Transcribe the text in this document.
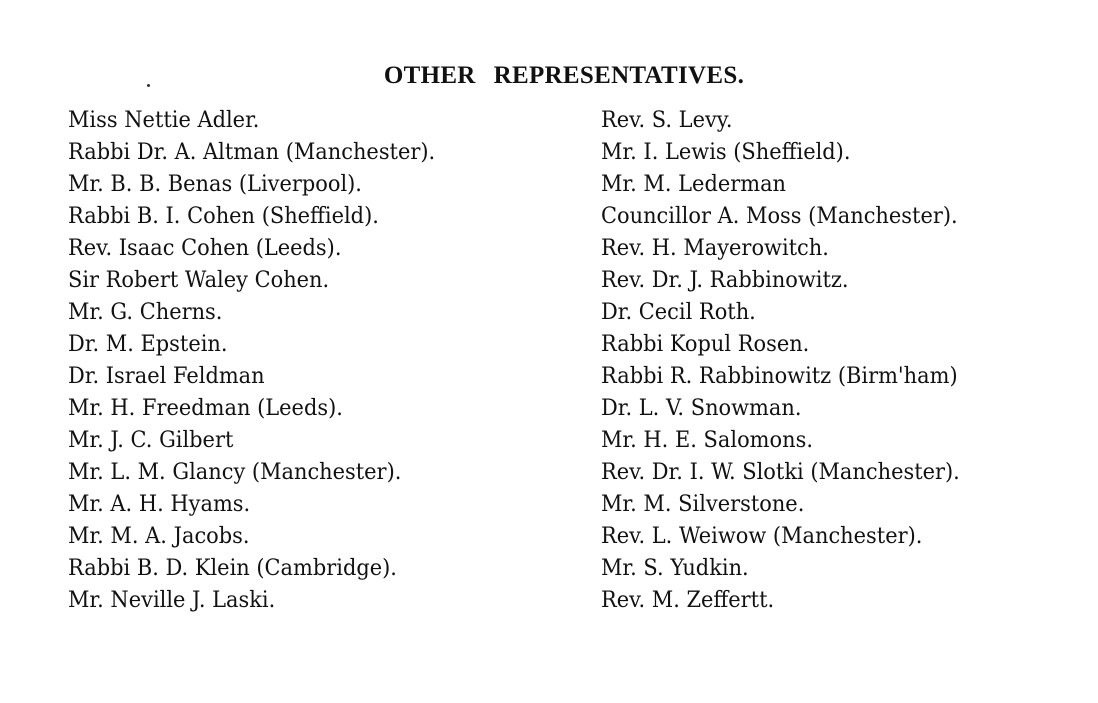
OTHER REPRESENTATIVES.
Miss Nettie Adler.
Rabbi Dr. A. Altman (Manchester).
Mr. B. B. Benas (Liverpool).
Rabbi B. I. Cohen (Sheffield).
Rev. Isaac Cohen (Leeds).
Sir Robert Waley Cohen.
Mr. G. Cherns.
Dr. M. Epstein.
Dr. Israel Feldman
Mr. H. Freedman (Leeds).
Mr. J. C. Gilbert
Mr. L. M. Glancy (Manchester).
Mr. A. H. Hyams.
Mr. M. A. Jacobs.
Rabbi B. D. Klein (Cambridge).
Mr. Neville J. Laski.
Rev. S. Levy.
Mr. I. Lewis (Sheffield).
Mr. M. Lederman
Councillor A. Moss (Manchester).
Rev. H. Mayerowitch.
Rev. Dr. J. Rabbinowitz.
Dr. Cecil Roth.
Rabbi Kopul Rosen.
Rabbi R. Rabbinowitz (Birm'ham)
Dr. L. V. Snowman.
Mr. H. E. Salomons.
Rev. Dr. I. W. Slotki (Manchester).
Mr. M. Silverstone.
Rev. L. Weiwow (Manchester).
Mr. S. Yudkin.
Rev. M. Zeffertt.
